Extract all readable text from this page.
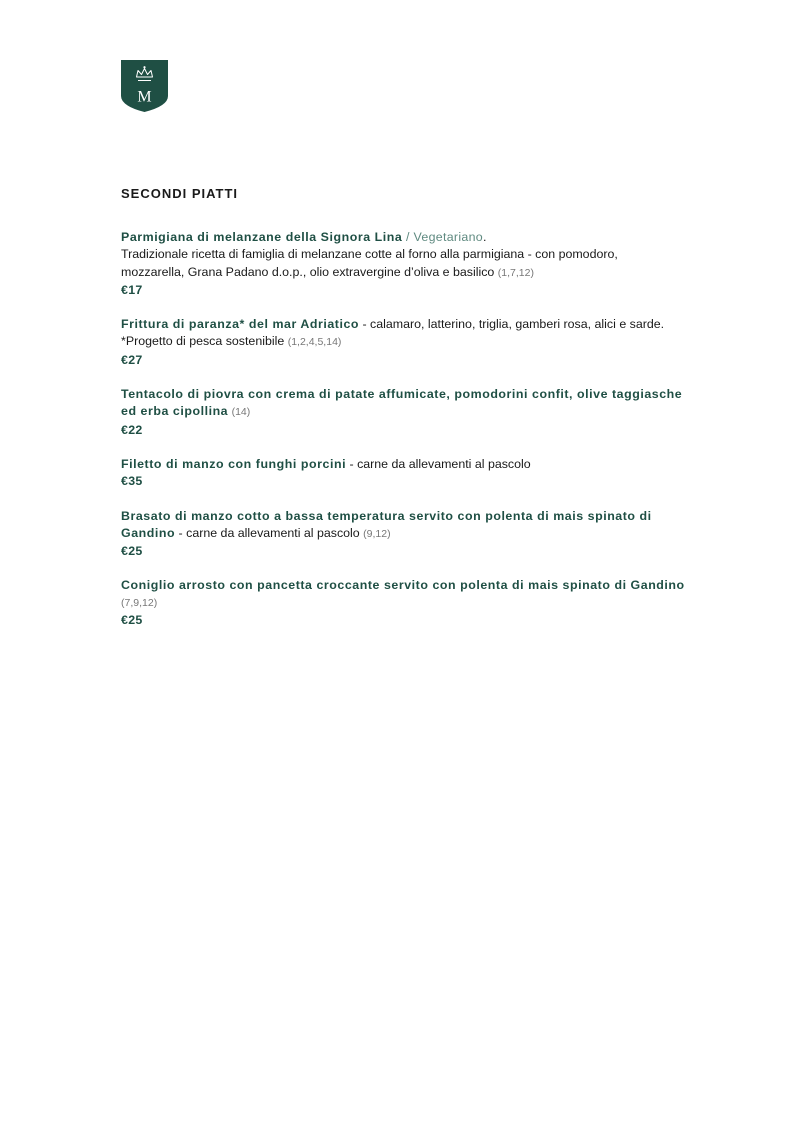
M
SECONDI PIATTI
Parmigiana di melanzane della Signora Lina / Vegetariano.
Tradizionale ricetta di famiglia di melanzane cotte al forno alla parmigiana - con pomodoro,
mozzarella, Grana Padano d.o.p., olio extravergine d’oliva e basilico (1,7,12)
€17
Frittura di paranza* del mar Adriatico - calamaro, latterino, triglia, gamberi rosa, alici e sarde.
*Progetto di pesca sostenibile (1,2,4,5,14)
€27
Tentacolo di piovra con crema di patate affumicate, pomodorini confit, olive taggiasche
ed erba cipollina (14)
€22
Filetto di manzo con funghi porcini - carne da allevamenti al pascolo
€35
Brasato di manzo cotto a bassa temperatura servito con polenta di mais spinato di
Gandino - carne da allevamenti al pascolo (9,12)
€25
Coniglio arrosto con pancetta croccante servito con polenta di mais spinato di Gandino
(7,9,12)
€25
